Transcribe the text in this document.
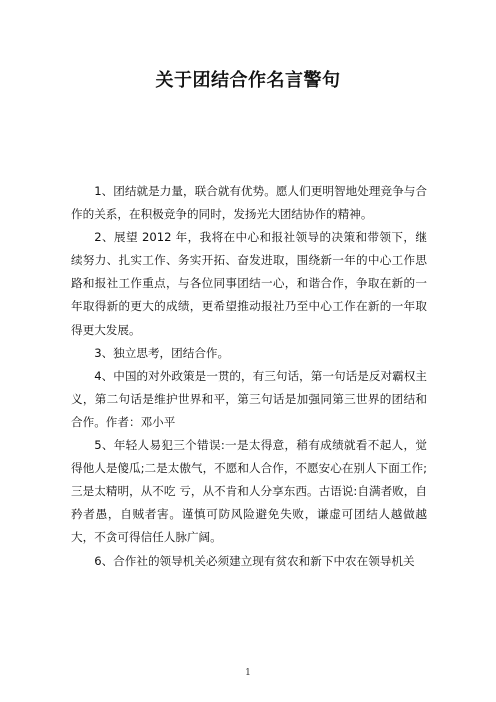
关于团结合作名言警句

1、团结就是力量，联合就有优势。愿人们更明智地处理竞争与合作的关系，在积极竞争的同时，发扬光大团结协作的精神。

2、展望 2012 年，我将在中心和报社领导的决策和带领下，继续努力、扎实工作、务实开拓、奋发进取，围绕新一年的中心工作思路和报社工作重点，与各位同事团结一心，和谐合作，争取在新的一年取得新的更大的成绩，更希望推动报社乃至中心工作在新的一年取得更大发展。

3、独立思考，团结合作。

4、中国的对外政策是一贯的，有三句话，第一句话是反对霸权主义，第二句话是维护世界和平，第三句话是加强同第三世界的团结和合作。作者：邓小平

5、年轻人易犯三个错误:一是太得意，稍有成绩就看不起人，觉得他人是傻瓜;二是太傲气，不愿和人合作，不愿安心在别人下面工作;三是太精明，从不吃 亏，从不肯和人分享东西。古语说:自满者败，自矜者愚，自贼者害。谨慎可防风险避免失败，谦虚可团结人越做越大，不贪可得信任人脉广阔。

6、合作社的领导机关必须建立现有贫农和新下中农在领导机关

1
